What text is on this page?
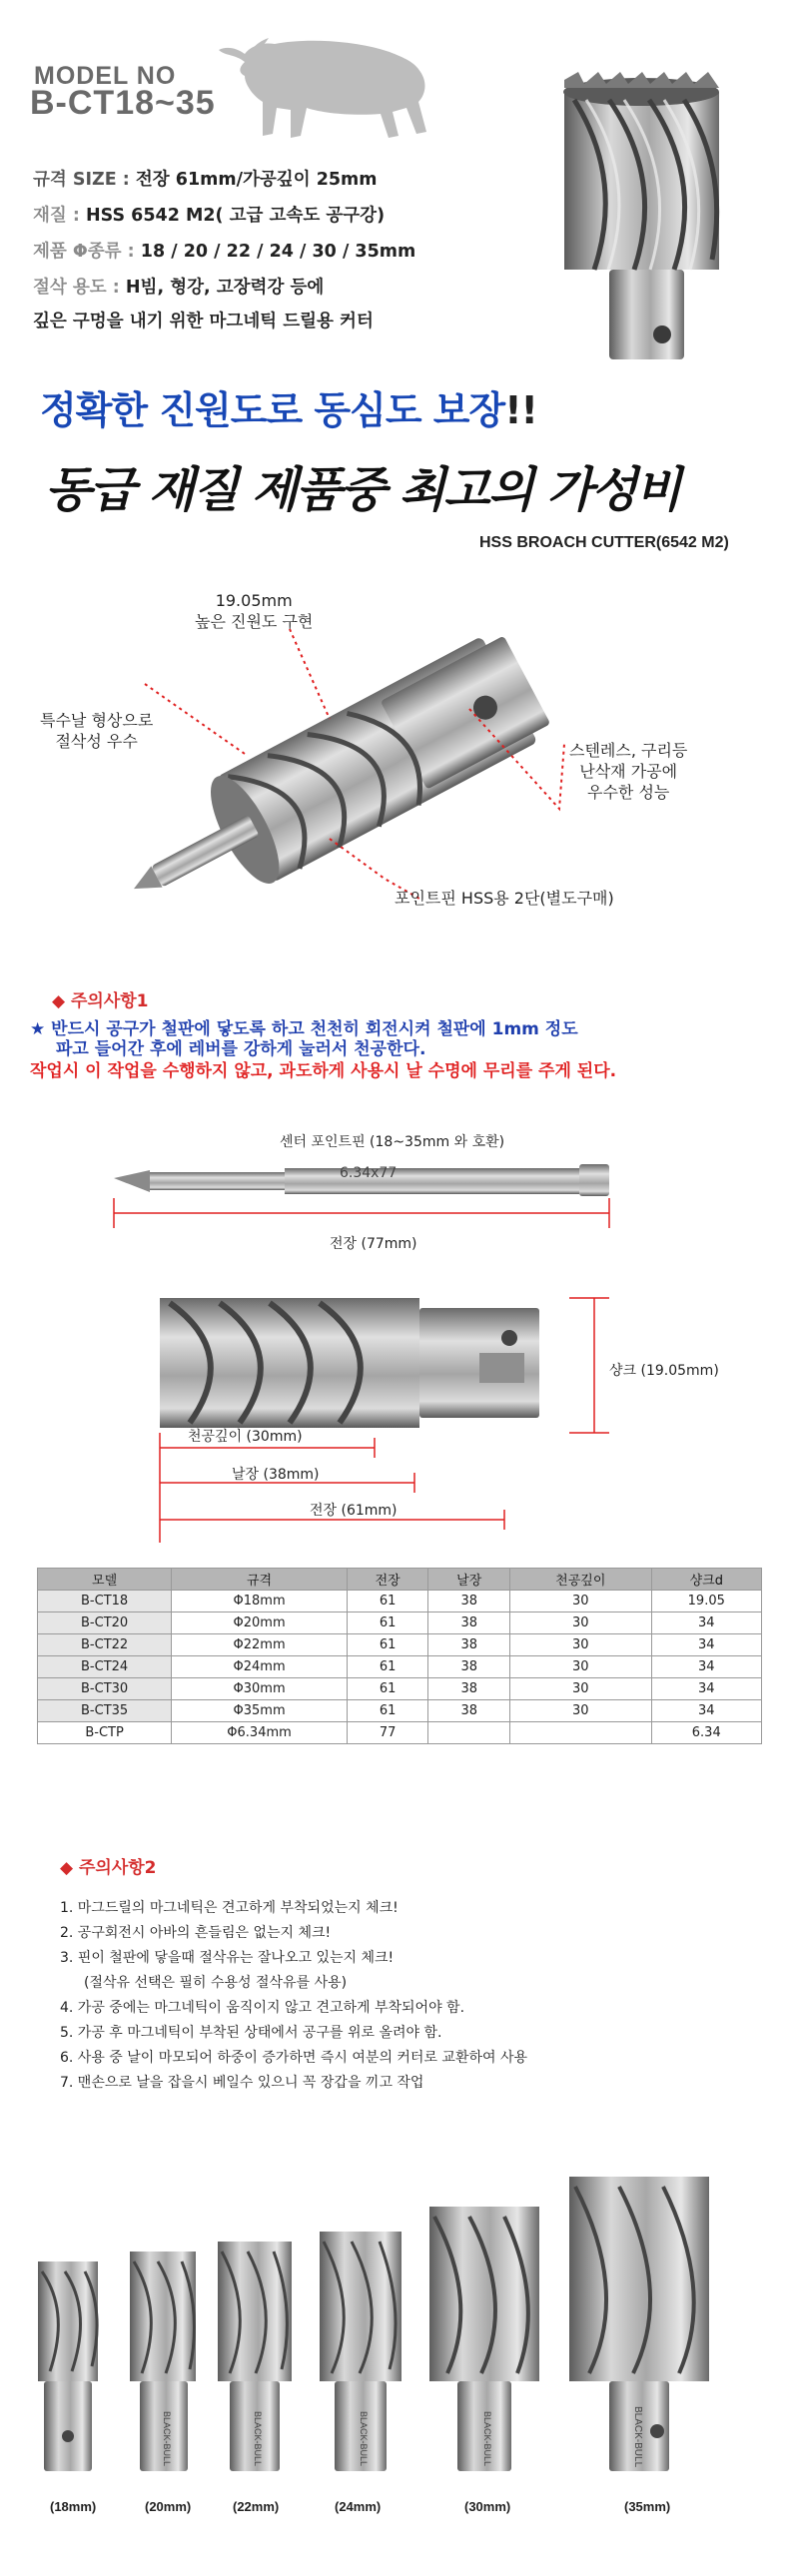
MODEL NO
B-CT18~35
규격 SIZE : 전장 61mm/가공깊이 25mm
재질 : HSS 6542 M2( 고급 고속도 공구강)
제품 Φ종류 : 18 / 20 / 22 / 24 / 30 / 35mm
절삭 용도 : H빔, 형강, 고장력강 등에
깊은 구멍을 내기 위한 마그네틱 드릴용 커터
정확한 진원도로 동심도 보장!!
동급 재질 제품중 최고의 가성비
HSS BROACH CUTTER(6542 M2)
19.05mm
높은 진원도 구현
특수날 형상으로
절삭성 우수	스텐레스, 구리등
난삭재 가공에
우수한 성능
포인트핀 HSS용 2단(별도구매)
◆ 주의사항1
★ 반드시 공구가 철판에 닿도록 하고 천천히 회전시켜 철판에 1mm 정도
파고 들어간 후에 레버를 강하게 눌러서 천공한다.
작업시 이 작업을 수행하지 않고, 과도하게 사용시 날 수명에 무리를 주게 된다.
센터 포인트핀 (18~35mm 와 호환)
6.34x77
전장 (77mm)
샹크 (19.05mm)
천공깊이 (30mm)
날장 (38mm)
전장 (61mm)
모델	규격	전장	날장	천공깊이	샹크d
B-CT18	Φ18mm	61	38	30	19.05
B-CT20	Φ20mm	61	38	30	34
B-CT22	Φ22mm	61	38	30	34
B-CT24	Φ24mm	61	38	30	34
B-CT30	Φ30mm	61	38	30	34
B-CT35	Φ35mm	61	38	30	34
B-CTP	Φ6.34mm	77			6.34
◆ 주의사항2
1. 마그드릴의 마그네틱은 견고하게 부착되었는지 체크!
2. 공구회전시 아바의 흔들림은 없는지 체크!
3. 핀이 철판에 닿을때 절삭유는 잘나오고 있는지 체크!
(절삭유 선택은 필히 수용성 절삭유를 사용)
4. 가공 중에는 마그네틱이 움직이지 않고 견고하게 부착되어야 함.
5. 가공 후 마그네틱이 부착된 상태에서 공구를 위로 올려야 함.
6. 사용 중 날이 마모되어 하중이 증가하면 즉시 여분의 커터로 교환하여 사용
7. 맨손으로 날을 잡을시 베일수 있으니 꼭 장갑을 끼고 작업
BLACK-BULL	BLACK-BULL	BLACK-BULL	BLACK-BULL	BLACK-BULL
(18mm)	(20mm)	(22mm)	(24mm)	(30mm)	(35mm)
